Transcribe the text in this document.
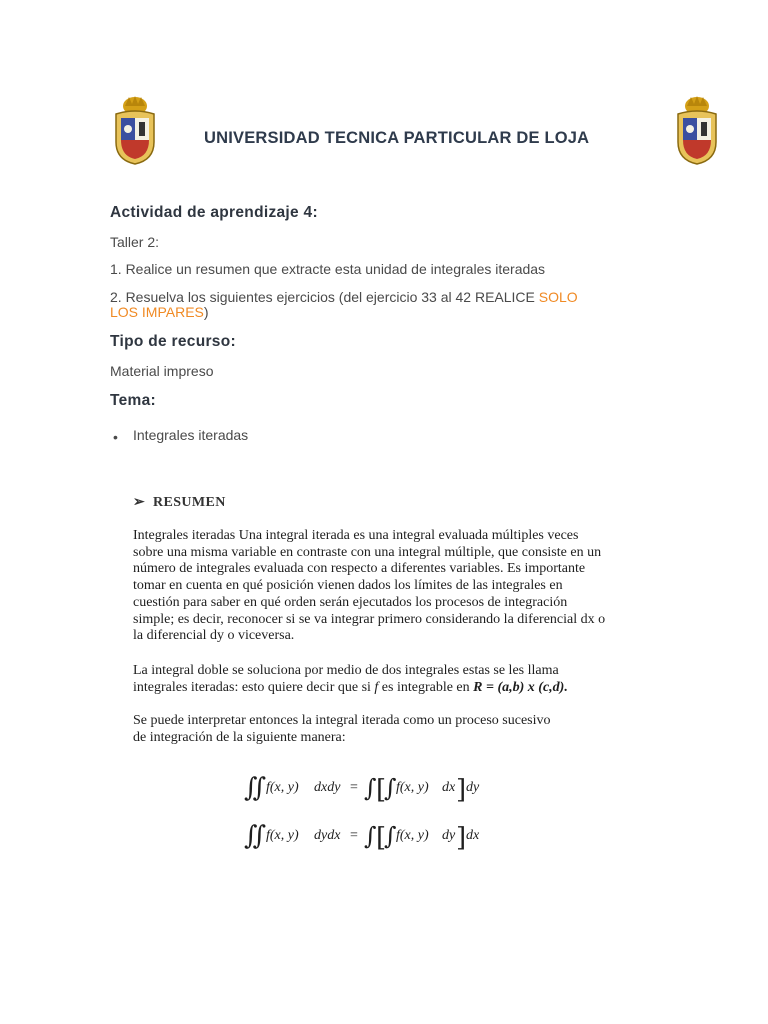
UNIVERSIDAD TECNICA PARTICULAR DE LOJA
Actividad de aprendizaje 4:
Taller 2:
1. Realice un resumen que extracte esta unidad de integrales iteradas
2. Resuelva los siguientes ejercicios (del ejercicio 33 al 42 REALICE SOLO
LOS IMPARES)
Tipo de recurso:
Material impreso
Tema:
• Integrales iteradas
➢ RESUMEN
Integrales iteradas Una integral iterada es una integral evaluada múltiples veces
sobre una misma variable en contraste con una integral múltiple, que consiste en un
número de integrales evaluada con respecto a diferentes variables. Es importante
tomar en cuenta en qué posición vienen dados los límites de las integrales en
cuestión para saber en qué orden serán ejecutados los procesos de integración
simple; es decir, reconocer si se va integrar primero considerando la diferencial dx o
la diferencial dy o viceversa.
La integral doble se soluciona por medio de dos integrales estas se les llama
integrales iteradas: esto quiere decir que si f es integrable en R = (a,b) x (c,d).
Se puede interpretar entonces la integral iterada como un proceso sucesivo
de integración de la siguiente manera:
∬ f(x, y) dxdy = ∫ [
∫ f(x, y) dx dy
]
∬ f(x, y) dydx = ∫ [
∫ f(x, y) dy dx
]
